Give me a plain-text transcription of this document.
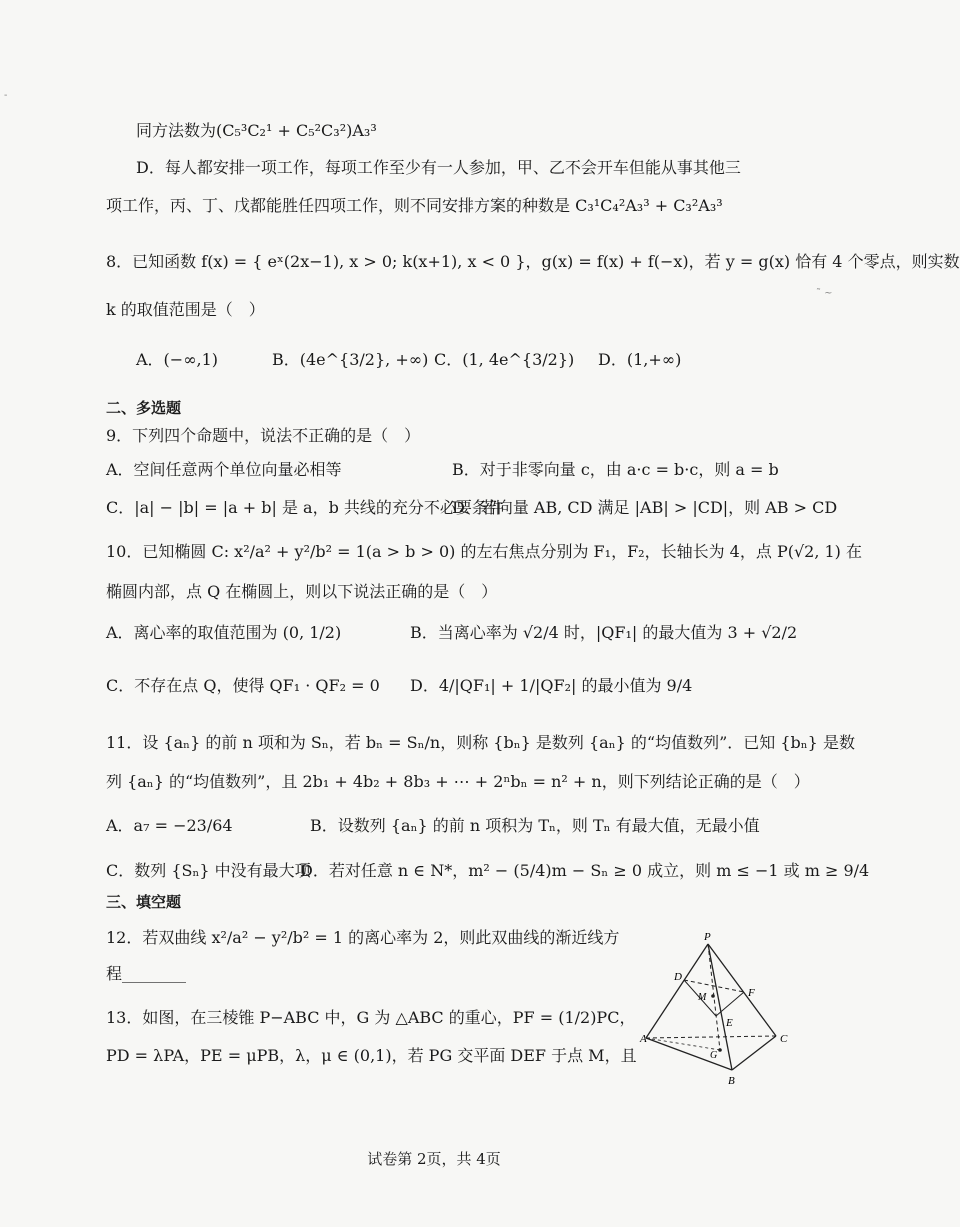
同方法数为(C₅³C₂¹ + C₅²C₃²)A₃³
D．每人都安排一项工作，每项工作至少有一人参加，甲、乙不会开车但能从事其他三
项工作，丙、丁、戊都能胜任四项工作，则不同安排方案的种数是 C₃¹C₄²A₃³ + C₃²A₃³
8．已知函数 f(x) = { eˣ(2x−1), x > 0; k(x+1), x < 0 }，g(x) = f(x) + f(−x)，若 y = g(x) 恰有 4 个零点，则实数
k 的取值范围是（　）
A．(−∞,1)	B．(4e^{3/2}, +∞) C．(1, 4e^{3/2}) D．(1,+∞)
二、多选题
9．下列四个命题中，说法不正确的是（　）
A．空间任意两个单位向量必相等	B．对于非零向量 c，由 a·c = b·c，则 a = b
C．|a| − |b| = |a + b| 是 a，b 共线的充分不必要条件
D．若向量 AB, CD 满足 |AB| > |CD|，则 AB > CD
10．已知椭圆 C: x²/a² + y²/b² = 1(a > b > 0) 的左右焦点分别为 F₁，F₂，长轴长为 4，点 P(√2, 1) 在
椭圆内部，点 Q 在椭圆上，则以下说法正确的是（　）
A．离心率的取值范围为 (0, 1/2)	B．当离心率为 √2/4 时，|QF₁| 的最大值为 3 + √2/2
C．不存在点 Q，使得 QF₁ · QF₂ = 0 D．4/|QF₁| + 1/|QF₂| 的最小值为 9/4
11．设 {aₙ} 的前 n 项和为 Sₙ，若 bₙ = Sₙ/n，则称 {bₙ} 是数列 {aₙ} 的“均值数列”．已知 {bₙ} 是数
列 {aₙ} 的“均值数列”，且 2b₁ + 4b₂ + 8b₃ + ⋯ + 2ⁿbₙ = n² + n，则下列结论正确的是（　）
A．a₇ = −23/64	B．设数列 {aₙ} 的前 n 项积为 Tₙ，则 Tₙ 有最大值，无最小值
C．数列 {Sₙ} 中没有最大项
D．若对任意 n ∈ N*，m² − (5/4)m − Sₙ ≥ 0 成立，则 m ≤ −1 或 m ≥ 9/4
三、填空题
12．若双曲线 x²/a² − y²/b² = 1 的离心率为 2，则此双曲线的渐近线方
程________
13．如图，在三棱锥 P−ABC 中，G 为 △ABC 的重心，PF = (1/2)PC，
PD = λPA，PE = μPB，λ，μ ∈ (0,1)，若 PG 交平面 DEF 于点 M，且
P
D
M	F
E
A
G
C
B
-
˜ ~
试卷第 2页，共 4页
